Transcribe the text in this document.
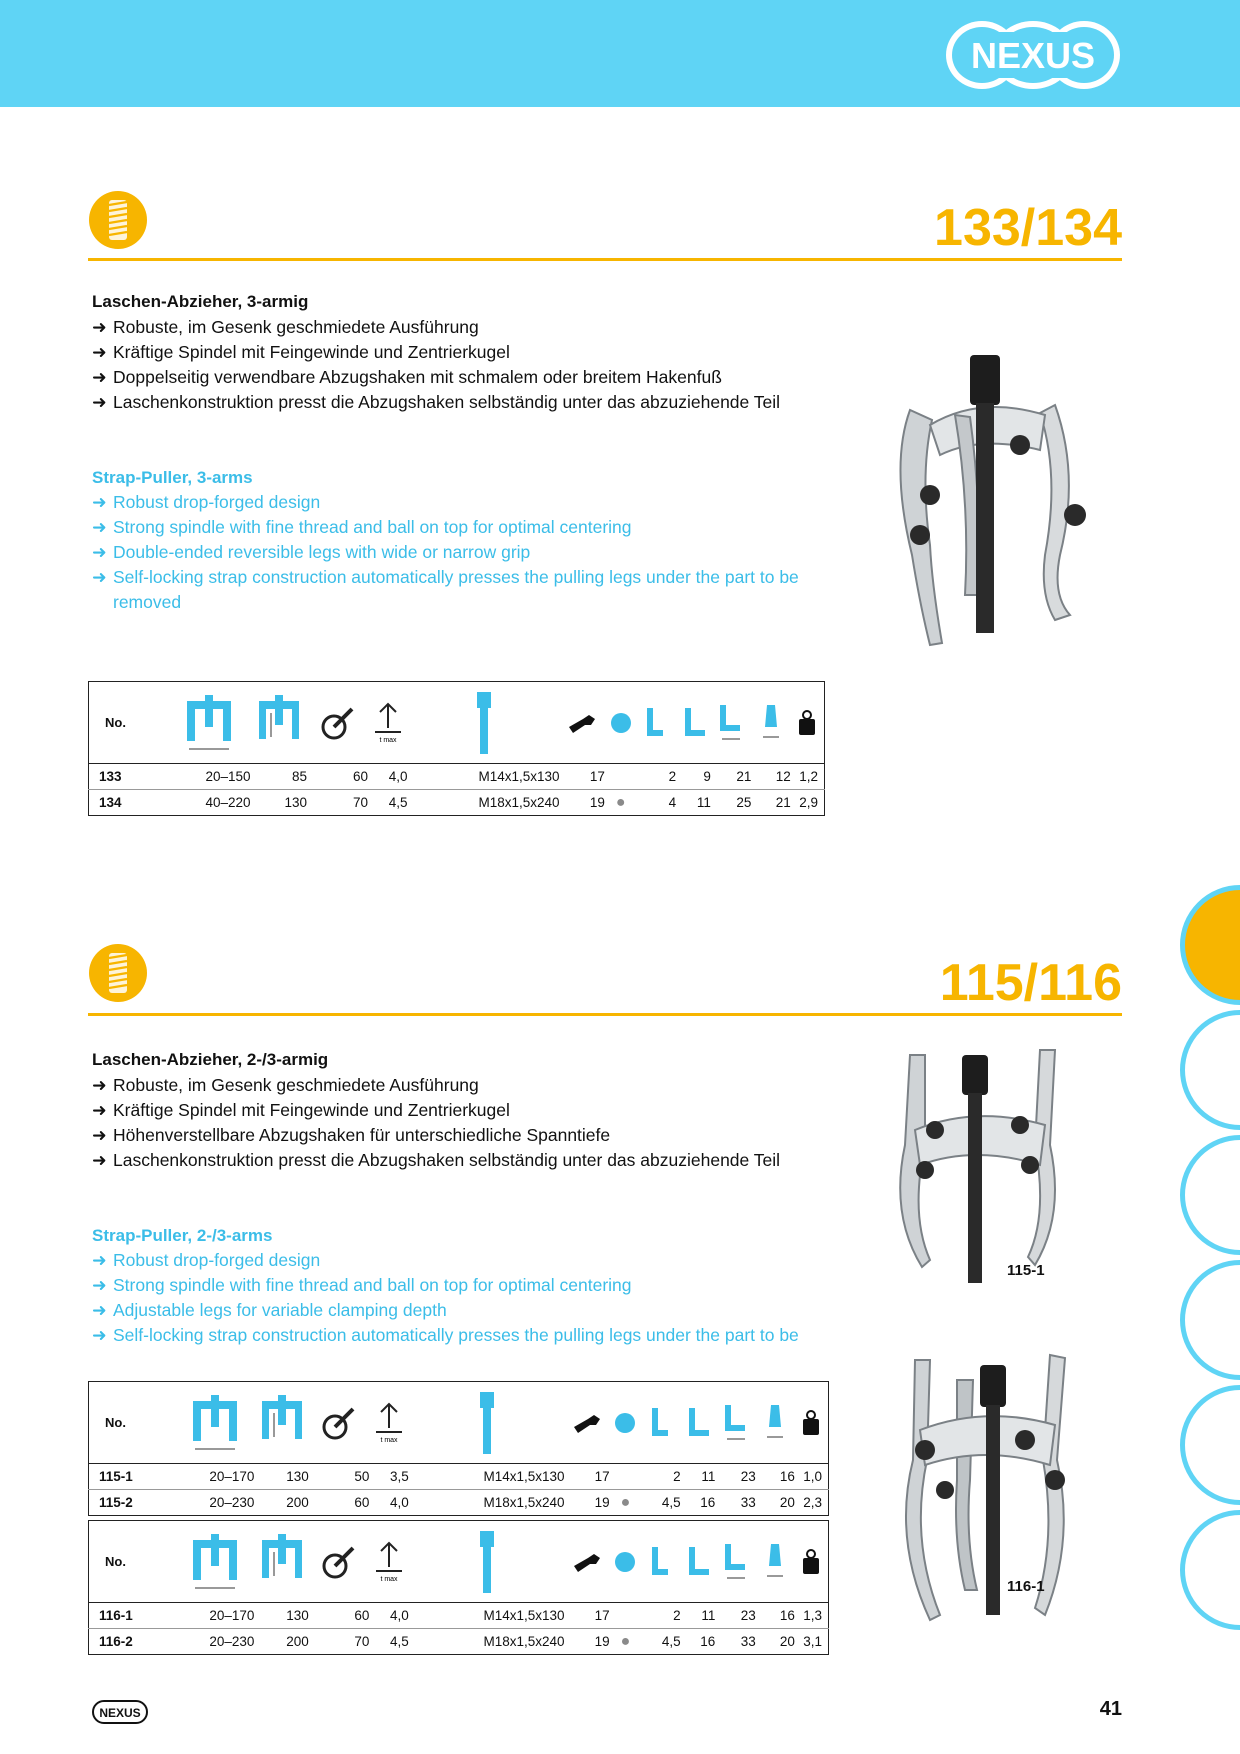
NEXUS
133/134
Laschen-Abzieher, 3-armig
➜ Robuste, im Gesenk geschmiedete Ausführung
➜ Kräftige Spindel mit Feingewinde und Zentrierkugel
➜ Doppelseitig verwendbare Abzugshaken mit schmalem oder breitem Hakenfuß
➜ Laschenkonstruktion presst die Abzugshaken selbständig unter das abzuziehende Teil
Strap-Puller, 3-arms
➜ Robust drop-forged design
➜ Strong spindle with fine thread and ball on top for optimal centering
➜ Double-ended reversible legs with wide or narrow grip
➜ Self-locking strap construction automatically presses the pulling legs under the part to be removed
No.				t max

133	20–150	85	60	4,0	M14x1,5x130	17		2	9	21	12	1,2
134	40–220	130	70	4,5	M18x1,5x240	19	●	4	11	25	21	2,9
115/116
Laschen-Abzieher, 2-/3-armig
➜ Robuste, im Gesenk geschmiedete Ausführung
➜ Kräftige Spindel mit Feingewinde und Zentrierkugel
➜ Höhenverstellbare Abzugshaken für unterschiedliche Spanntiefe
➜ Laschenkonstruktion presst die Abzugshaken selbständig unter das abzuziehende Teil
Strap-Puller, 2-/3-arms
➜ Robust drop-forged design
➜ Strong spindle with fine thread and ball on top for optimal centering
➜ Adjustable legs for variable clamping depth
➜ Self-locking strap construction automatically presses the pulling legs under the part to be
115-1
116-1
No.				t max

115-1	20–170	130	50	3,5	M14x1,5x130	17		2	11	23	16	1,0
115-2	20–230	200	60	4,0	M18x1,5x240	19	●	4,5	16	33	20	2,3
No.				t max

116-1	20–170	130	60	4,0	M14x1,5x130	17		2	11	23	16	1,3
116-2	20–230	200	70	4,5	M18x1,5x240	19	●	4,5	16	33	20	3,1
NEXUS	41
